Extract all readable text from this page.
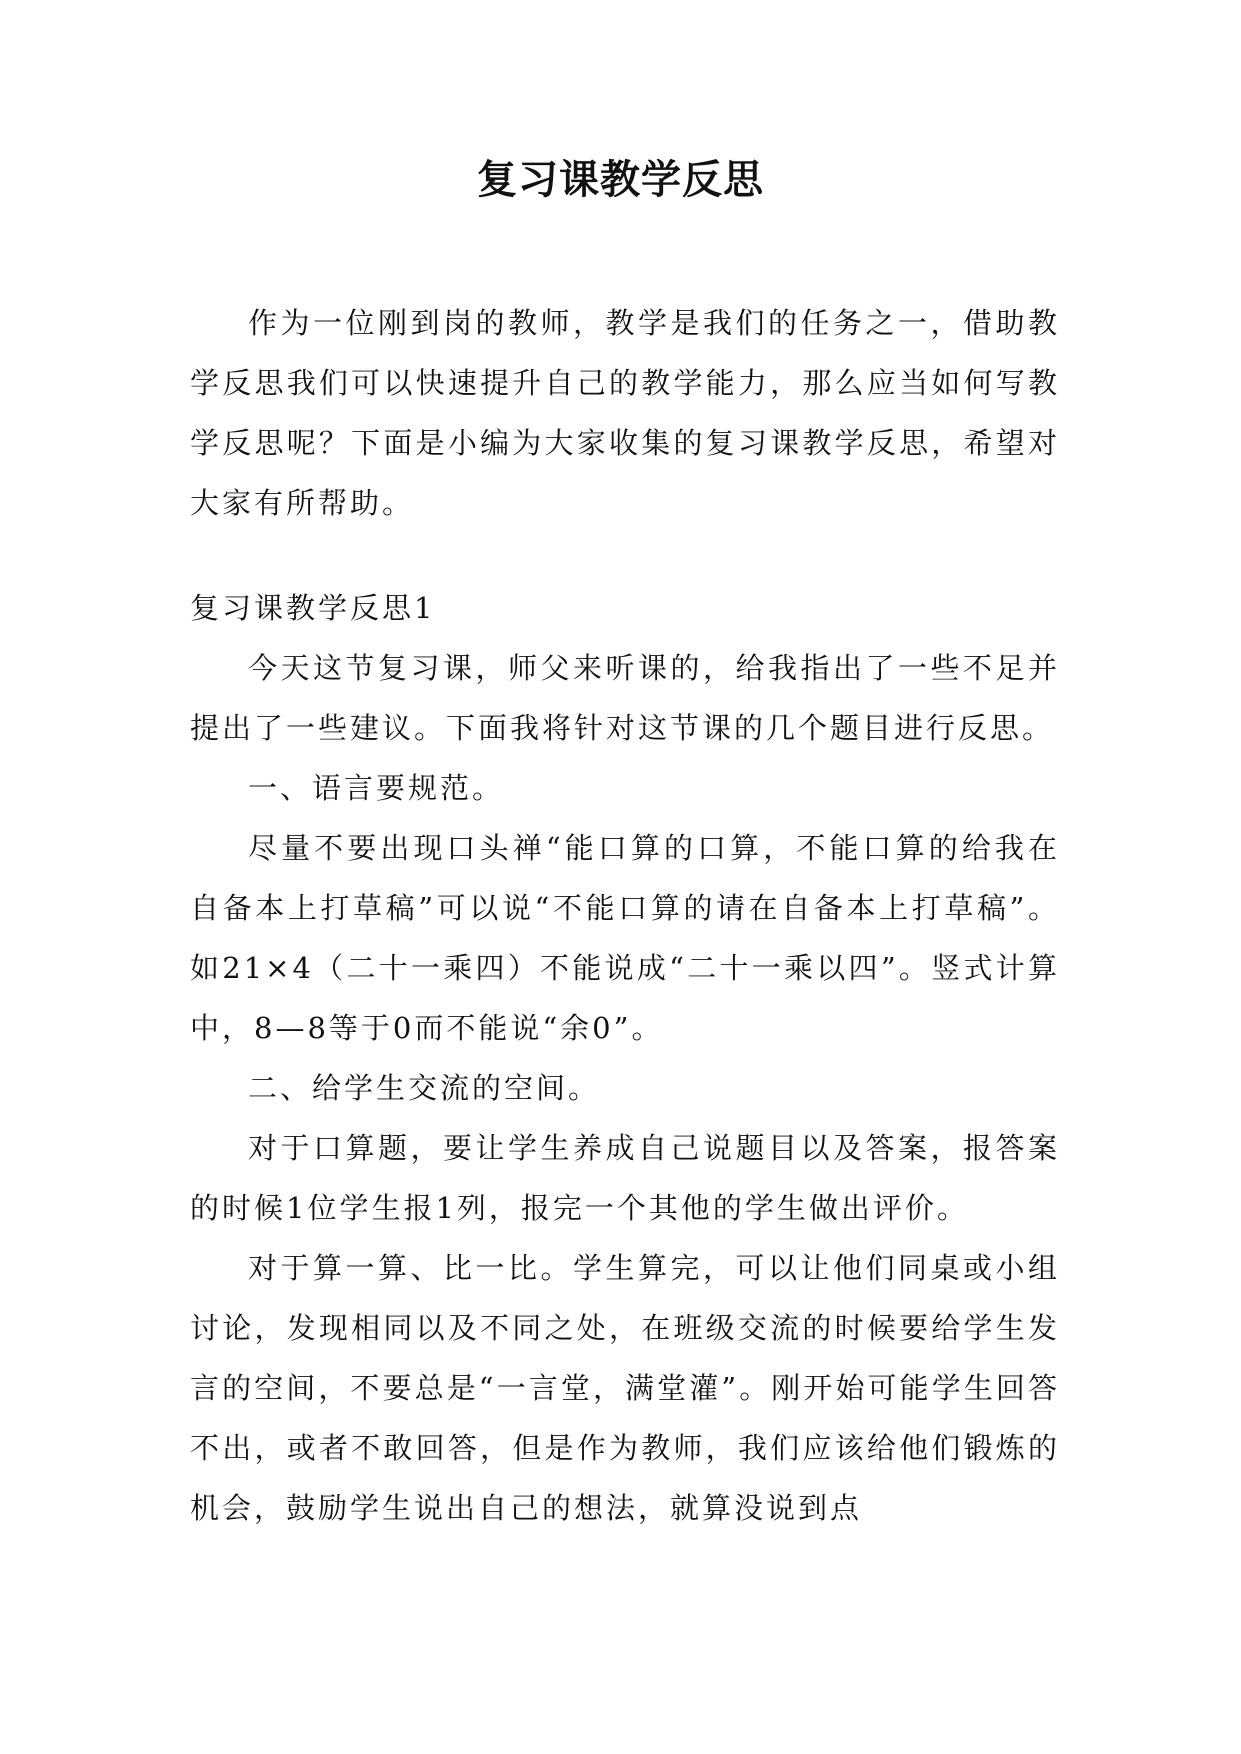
复习课教学反思

作为一位刚到岗的教师，教学是我们的任务之一，借助教学反思我们可以快速提升自己的教学能力，那么应当如何写教学反思呢？下面是小编为大家收集的复习课教学反思，希望对大家有所帮助。

复习课教学反思1

今天这节复习课，师父来听课的，给我指出了一些不足并提出了一些建议。下面我将针对这节课的几个题目进行反思。

一、语言要规范。

尽量不要出现口头禅“能口算的口算，不能口算的给我在自备本上打草稿”可以说“不能口算的请在自备本上打草稿”。如21×4（二十一乘四）不能说成“二十一乘以四”。竖式计算中，8—8等于0而不能说“余0”。

二、给学生交流的空间。

对于口算题，要让学生养成自己说题目以及答案，报答案的时候1位学生报1列，报完一个其他的学生做出评价。

对于算一算、比一比。学生算完，可以让他们同桌或小组讨论，发现相同以及不同之处，在班级交流的时候要给学生发言的空间，不要总是“一言堂，满堂灌”。刚开始可能学生回答不出，或者不敢回答，但是作为教师，我们应该给他们锻炼的机会，鼓励学生说出自己的想法，就算没说到点
